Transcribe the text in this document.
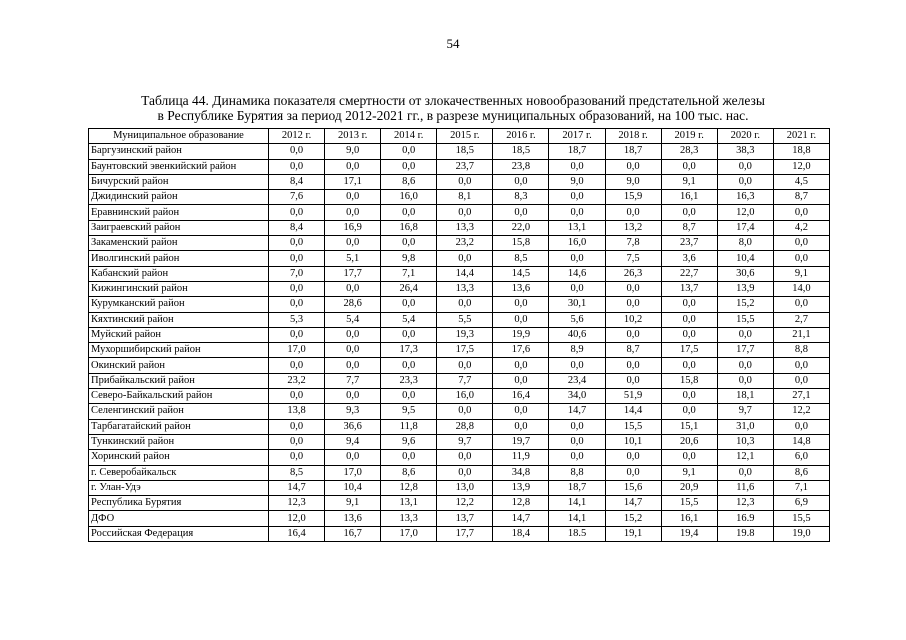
54
Таблица 44. Динамика показателя смертности от злокачественных новообразований предстательной железы
в Республике Бурятия за период 2012-2021 гг., в разрезе муниципальных образований, на 100 тыс. нас.
Муниципальное образование	2012 г.	2013 г.	2014 г.	2015 г.	2016 г.	2017 г.	2018 г.	2019 г.	2020 г.	2021 г.
Баргузинский район	0,0	9,0	0,0	18,5	18,5	18,7	18,7	28,3	38,3	18,8
Баунтовский эвенкийский район	0,0	0,0	0,0	23,7	23,8	0,0	0,0	0,0	0,0	12,0
Бичурский район	8,4	17,1	8,6	0,0	0,0	9,0	9,0	9,1	0,0	4,5
Джидинский район	7,6	0,0	16,0	8,1	8,3	0,0	15,9	16,1	16,3	8,7
Еравнинский район	0,0	0,0	0,0	0,0	0,0	0,0	0,0	0,0	12,0	0,0
Заиграевский район	8,4	16,9	16,8	13,3	22,0	13,1	13,2	8,7	17,4	4,2
Закаменский район	0,0	0,0	0,0	23,2	15,8	16,0	7,8	23,7	8,0	0,0
Иволгинский район	0,0	5,1	9,8	0,0	8,5	0,0	7,5	3,6	10,4	0,0
Кабанский район	7,0	17,7	7,1	14,4	14,5	14,6	26,3	22,7	30,6	9,1
Кижингинский район	0,0	0,0	26,4	13,3	13,6	0,0	0,0	13,7	13,9	14,0
Курумканский район	0,0	28,6	0,0	0,0	0,0	30,1	0,0	0,0	15,2	0,0
Кяхтинский район	5,3	5,4	5,4	5,5	0,0	5,6	10,2	0,0	15,5	2,7
Муйский район	0,0	0,0	0,0	19,3	19,9	40,6	0,0	0,0	0,0	21,1
Мухоршибирский район	17,0	0,0	17,3	17,5	17,6	8,9	8,7	17,5	17,7	8,8
Окинский район	0,0	0,0	0,0	0,0	0,0	0,0	0,0	0,0	0,0	0,0
Прибайкальский район	23,2	7,7	23,3	7,7	0,0	23,4	0,0	15,8	0,0	0,0
Северо-Байкальский район	0,0	0,0	0,0	16,0	16,4	34,0	51,9	0,0	18,1	27,1
Селенгинский район	13,8	9,3	9,5	0,0	0,0	14,7	14,4	0,0	9,7	12,2
Тарбагатайский район	0,0	36,6	11,8	28,8	0,0	0,0	15,5	15,1	31,0	0,0
Тункинский район	0,0	9,4	9,6	9,7	19,7	0,0	10,1	20,6	10,3	14,8
Хоринский район	0,0	0,0	0,0	0,0	11,9	0,0	0,0	0,0	12,1	6,0
г. Северобайкальск	8,5	17,0	8,6	0,0	34,8	8,8	0,0	9,1	0,0	8,6
г. Улан-Удэ	14,7	10,4	12,8	13,0	13,9	18,7	15,6	20,9	11,6	7,1
Республика Бурятия	12,3	9,1	13,1	12,2	12,8	14,1	14,7	15,5	12,3	6,9
ДФО	12,0	13,6	13,3	13,7	14,7	14,1	15,2	16,1	16.9	15,5
Российская Федерация	16,4	16,7	17,0	17,7	18,4	18.5	19,1	19,4	19.8	19,0
